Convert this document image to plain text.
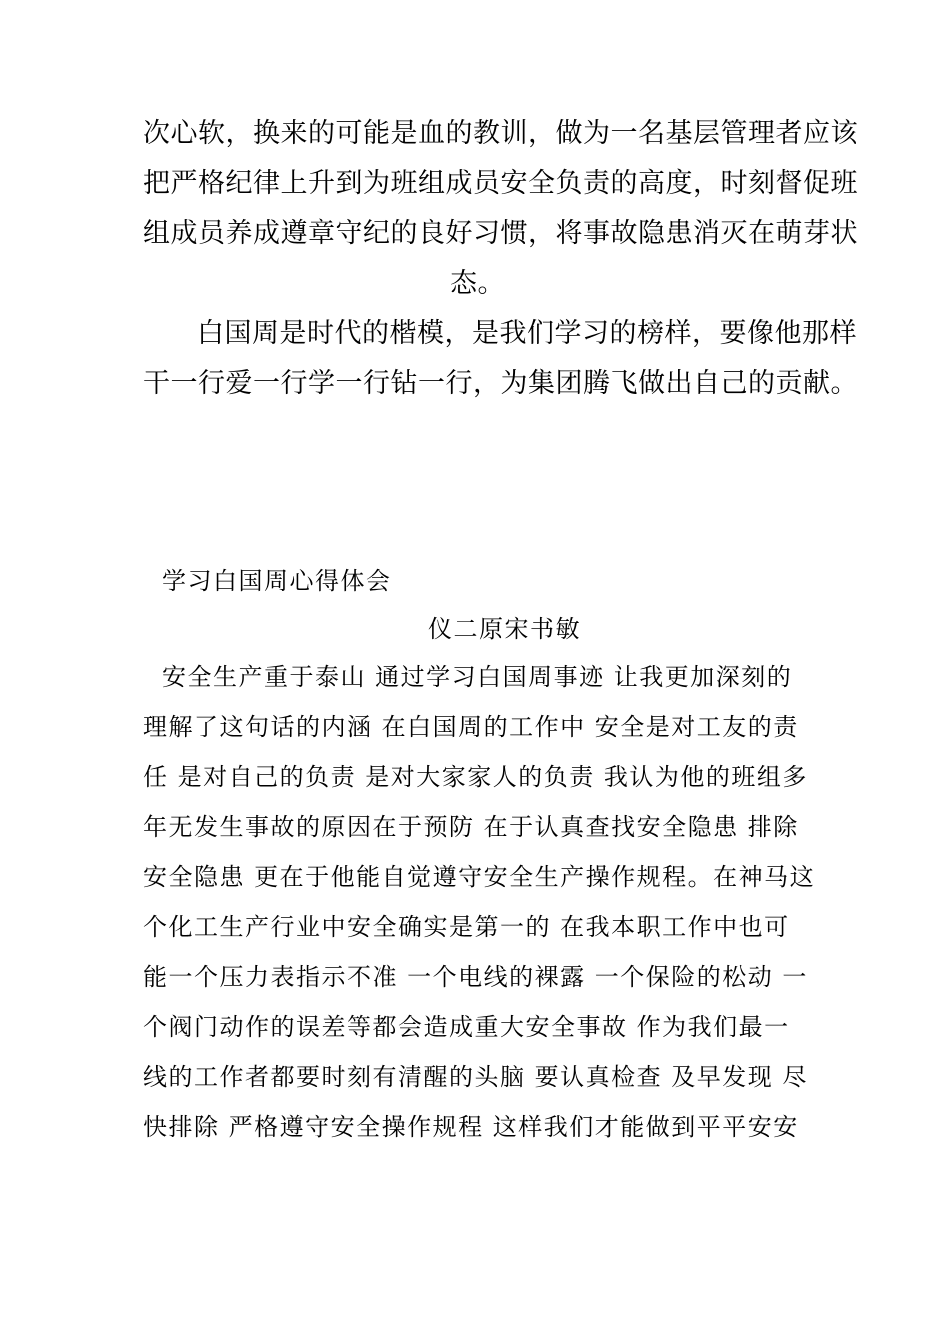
次心软，换来的可能是血的教训，做为一名基层管理者应该

把严格纪律上升到为班组成员安全负责的高度，时刻督促班

组成员养成遵章守纪的良好习惯，将事故隐患消灭在萌芽状

态。

白国周是时代的楷模，是我们学习的榜样，要像他那样

干一行爱一行学一行钻一行，为集团腾飞做出自己的贡献。

学习白国周心得体会

仪二原宋书敏

安全生产重于泰山 通过学习白国周事迹 让我更加深刻的

理解了这句话的内涵 在白国周的工作中 安全是对工友的责

任 是对自己的负责 是对大家家人的负责 我认为他的班组多

年无发生事故的原因在于预防 在于认真查找安全隐患 排除

安全隐患 更在于他能自觉遵守安全生产操作规程。在神马这

个化工生产行业中安全确实是第一的 在我本职工作中也可

能一个压力表指示不准 一个电线的裸露 一个保险的松动 一

个阀门动作的误差等都会造成重大安全事故 作为我们最一

线的工作者都要时刻有清醒的头脑 要认真检查 及早发现 尽

快排除 严格遵守安全操作规程 这样我们才能做到平平安安
